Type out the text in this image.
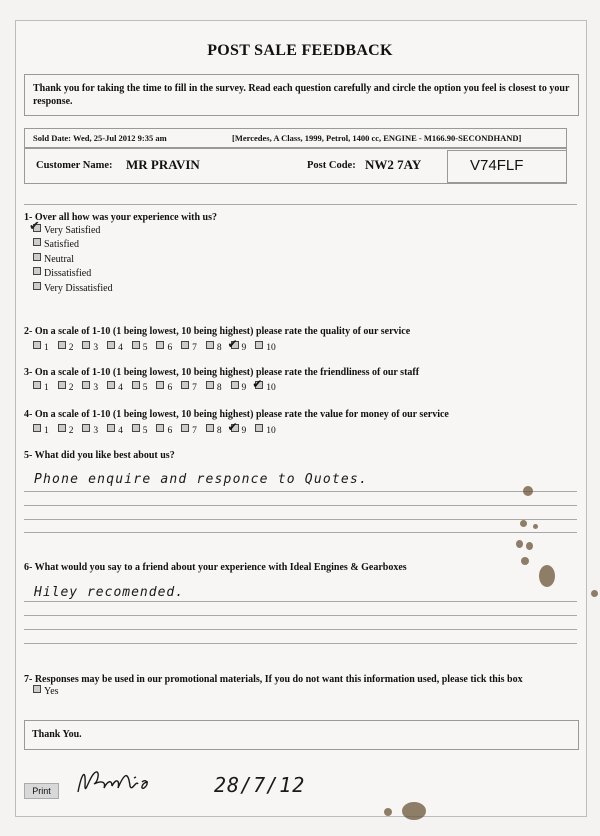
POST SALE FEEDBACK
Thank you for taking the time to fill in the survey. Read each question carefully and circle the option you feel is closest to your response.
Sold Date: Wed, 25-Jul 2012 9:35 am	[Mercedes, A Class, 1999, Petrol, 1400 cc, ENGINE - M166.90-SECONDHAND]
Customer Name: MR PRAVIN	Post Code: NW2 7AY	V74FLF
1- Over all how was your experience with us?
✔ Very Satisfied
Satisfied
Neutral
Dissatisfied
Very Dissatisfied
2- On a scale of 1-10 (1 being lowest, 10 being highest) please rate the quality of our service
1 2 3 4 5 6 7 8 ✔ 9 10
3- On a scale of 1-10 (1 being lowest, 10 being highest) please rate the friendliness of our staff
1 2 3 4 5 6 7 8 9 ✔ 10
4- On a scale of 1-10 (1 being lowest, 10 being highest) please rate the value for money of our service
1 2 3 4 5 6 7 8 ✔ 9 10
5- What did you like best about us?
Phone enquire and responce to Quotes.
6- What would you say to a friend about your experience with Ideal Engines & Gearboxes
Hiley recomended.
7- Responses may be used in our promotional materials, If you do not want this information used, please tick this box
Yes
Thank You.
Print	28/7/12
